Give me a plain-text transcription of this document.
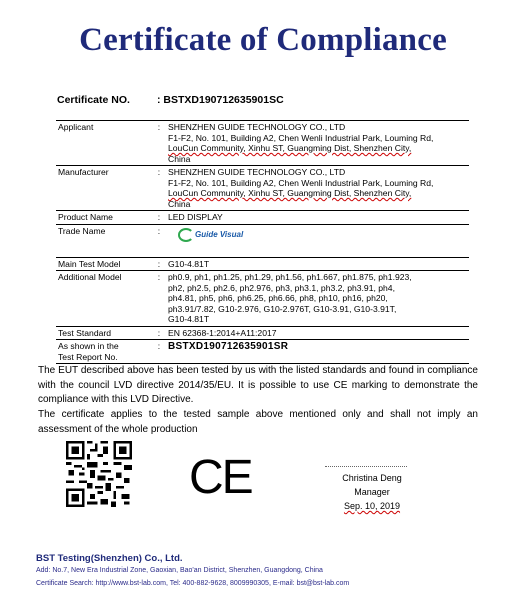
Certificate of Compliance
Certificate NO.	: BSTXD190712635901SC
Applicant	:	SHENZHEN GUIDE TECHNOLOGY CO., LTD
F1-F2, No. 101, Building A2, Chen Wenli Industrial Park, Louming Rd,
LouCun Community, Xinhu ST, Guangming Dist, Shenzhen City,
China

Manufacturer	:	SHENZHEN GUIDE TECHNOLOGY CO., LTD
F1-F2, No. 101, Building A2, Chen Wenli Industrial Park, Louming Rd,
LouCun Community, Xinhu ST, Guangming Dist, Shenzhen City,
China

Product Name	:	LED DISPLAY
Trade Name	:	Guide Visual
Main Test Model	:	G10-4.81T
Additional Model	:	ph0.9, ph1, ph1.25, ph1.29, ph1.56, ph1.667, ph1.875, ph1.923,
ph2, ph2.5, ph2.6, ph2.976, ph3, ph3.1, ph3.2, ph3.91, ph4,
ph4.81, ph5, ph6, ph6.25, ph6.66, ph8, ph10, ph16, ph20,
ph3.91/7.82, G10-2.976, G10-2.976T, G10-3.91, G10-3.91T,
G10-4.81T

Test Standard	:	EN 62368-1:2014+A11:2017

As shown in the
Test Report No.	:	BSTXD190712635901SR
The EUT described above has been tested by us with the listed standards and found in compliance with the council LVD directive 2014/35/EU. It is possible to use CE marking to demonstrate the compliance with this LVD Directive.
The certificate applies to the tested sample above mentioned only and shall not imply an assessment of the whole production
CE	Christina Deng
Manager
Sep. 10, 2019
BST Testing(Shenzhen) Co., Ltd.
Add: No.7, New Era Industrial Zone, Gaoxian, Bao'an District, Shenzhen, Guangdong, China
Certificate Search: http://www.bst-lab.com, Tel: 400-882-9628, 8009990305, E-mail: bst@bst-lab.com
